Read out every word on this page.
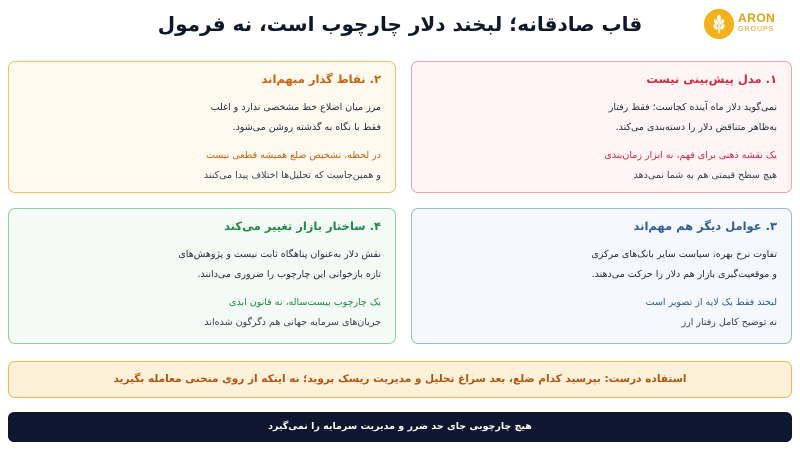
قاب صادقانه؛ لبخند دلار چارچوب است، نه فرمول	ARON
GROUPS
۱. مدل پیش‌بینی نیست

نمی‌گوید دلار ماه آینده کجاست؛ فقط رفتار

به‌ظاهر متناقض دلار را دسته‌بندی می‌کند.

یک نقشه ذهنی برای فهم، نه ابزار زمان‌بندی
هیچ سطح قیمتی هم به شما نمی‌دهد
۲. نقاط گذار مبهم‌اند

مرز میان اضلاع خط مشخصی ندارد و اغلب

فقط با نگاه به گذشته روشن می‌شود.

در لحظه، تشخیص ضلع همیشه قطعی نیست
و همین‌جاست که تحلیل‌ها اختلاف پیدا می‌کنند
۳. عوامل دیگر هم مهم‌اند

تفاوت نرخ بهره، سیاست سایر بانک‌های مرکزی

و موقعیت‌گیری بازار هم دلار را حرکت می‌دهند.

لبخند فقط یک لایه از تصویر است
نه توضیح کامل رفتار ارز
۴. ساختار بازار تغییر می‌کند

نقش دلار به‌عنوان پناهگاه ثابت نیست و پژوهش‌های

تازه بازخوانی این چارچوب را ضروری می‌دانند.

یک چارچوب بیست‌ساله، نه قانون ابدی
جریان‌های سرمایه جهانی هم دگرگون شده‌اند
استفاده درست: بپرسید کدام ضلع، بعد سراغ تحلیل و مدیریت ریسک بروید؛ نه اینکه از روی منحنی معامله بگیرید
هیچ چارچوبی جای حد ضرر و مدیریت سرمایه را نمی‌گیرد
